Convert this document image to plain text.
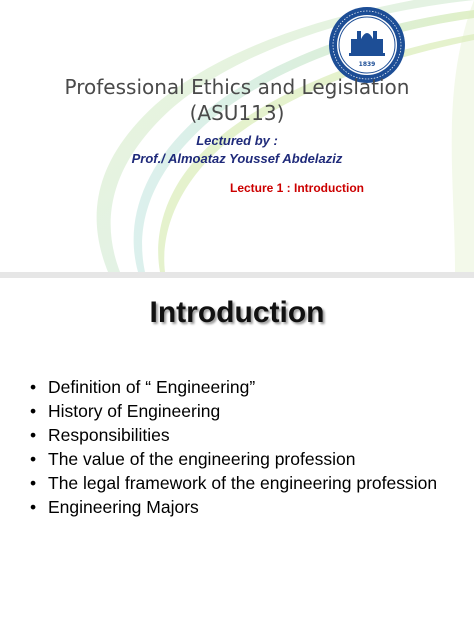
1839
Professional Ethics and Legislation
(ASU113)
Lectured by :
Prof./ Almoataz Youssef Abdelaziz
Lecture 1 : Introduction
Introduction
• Definition of “ Engineering”
• History of Engineering
• Responsibilities
• The value of the engineering profession
• The legal framework of the engineering profession
• Engineering Majors
